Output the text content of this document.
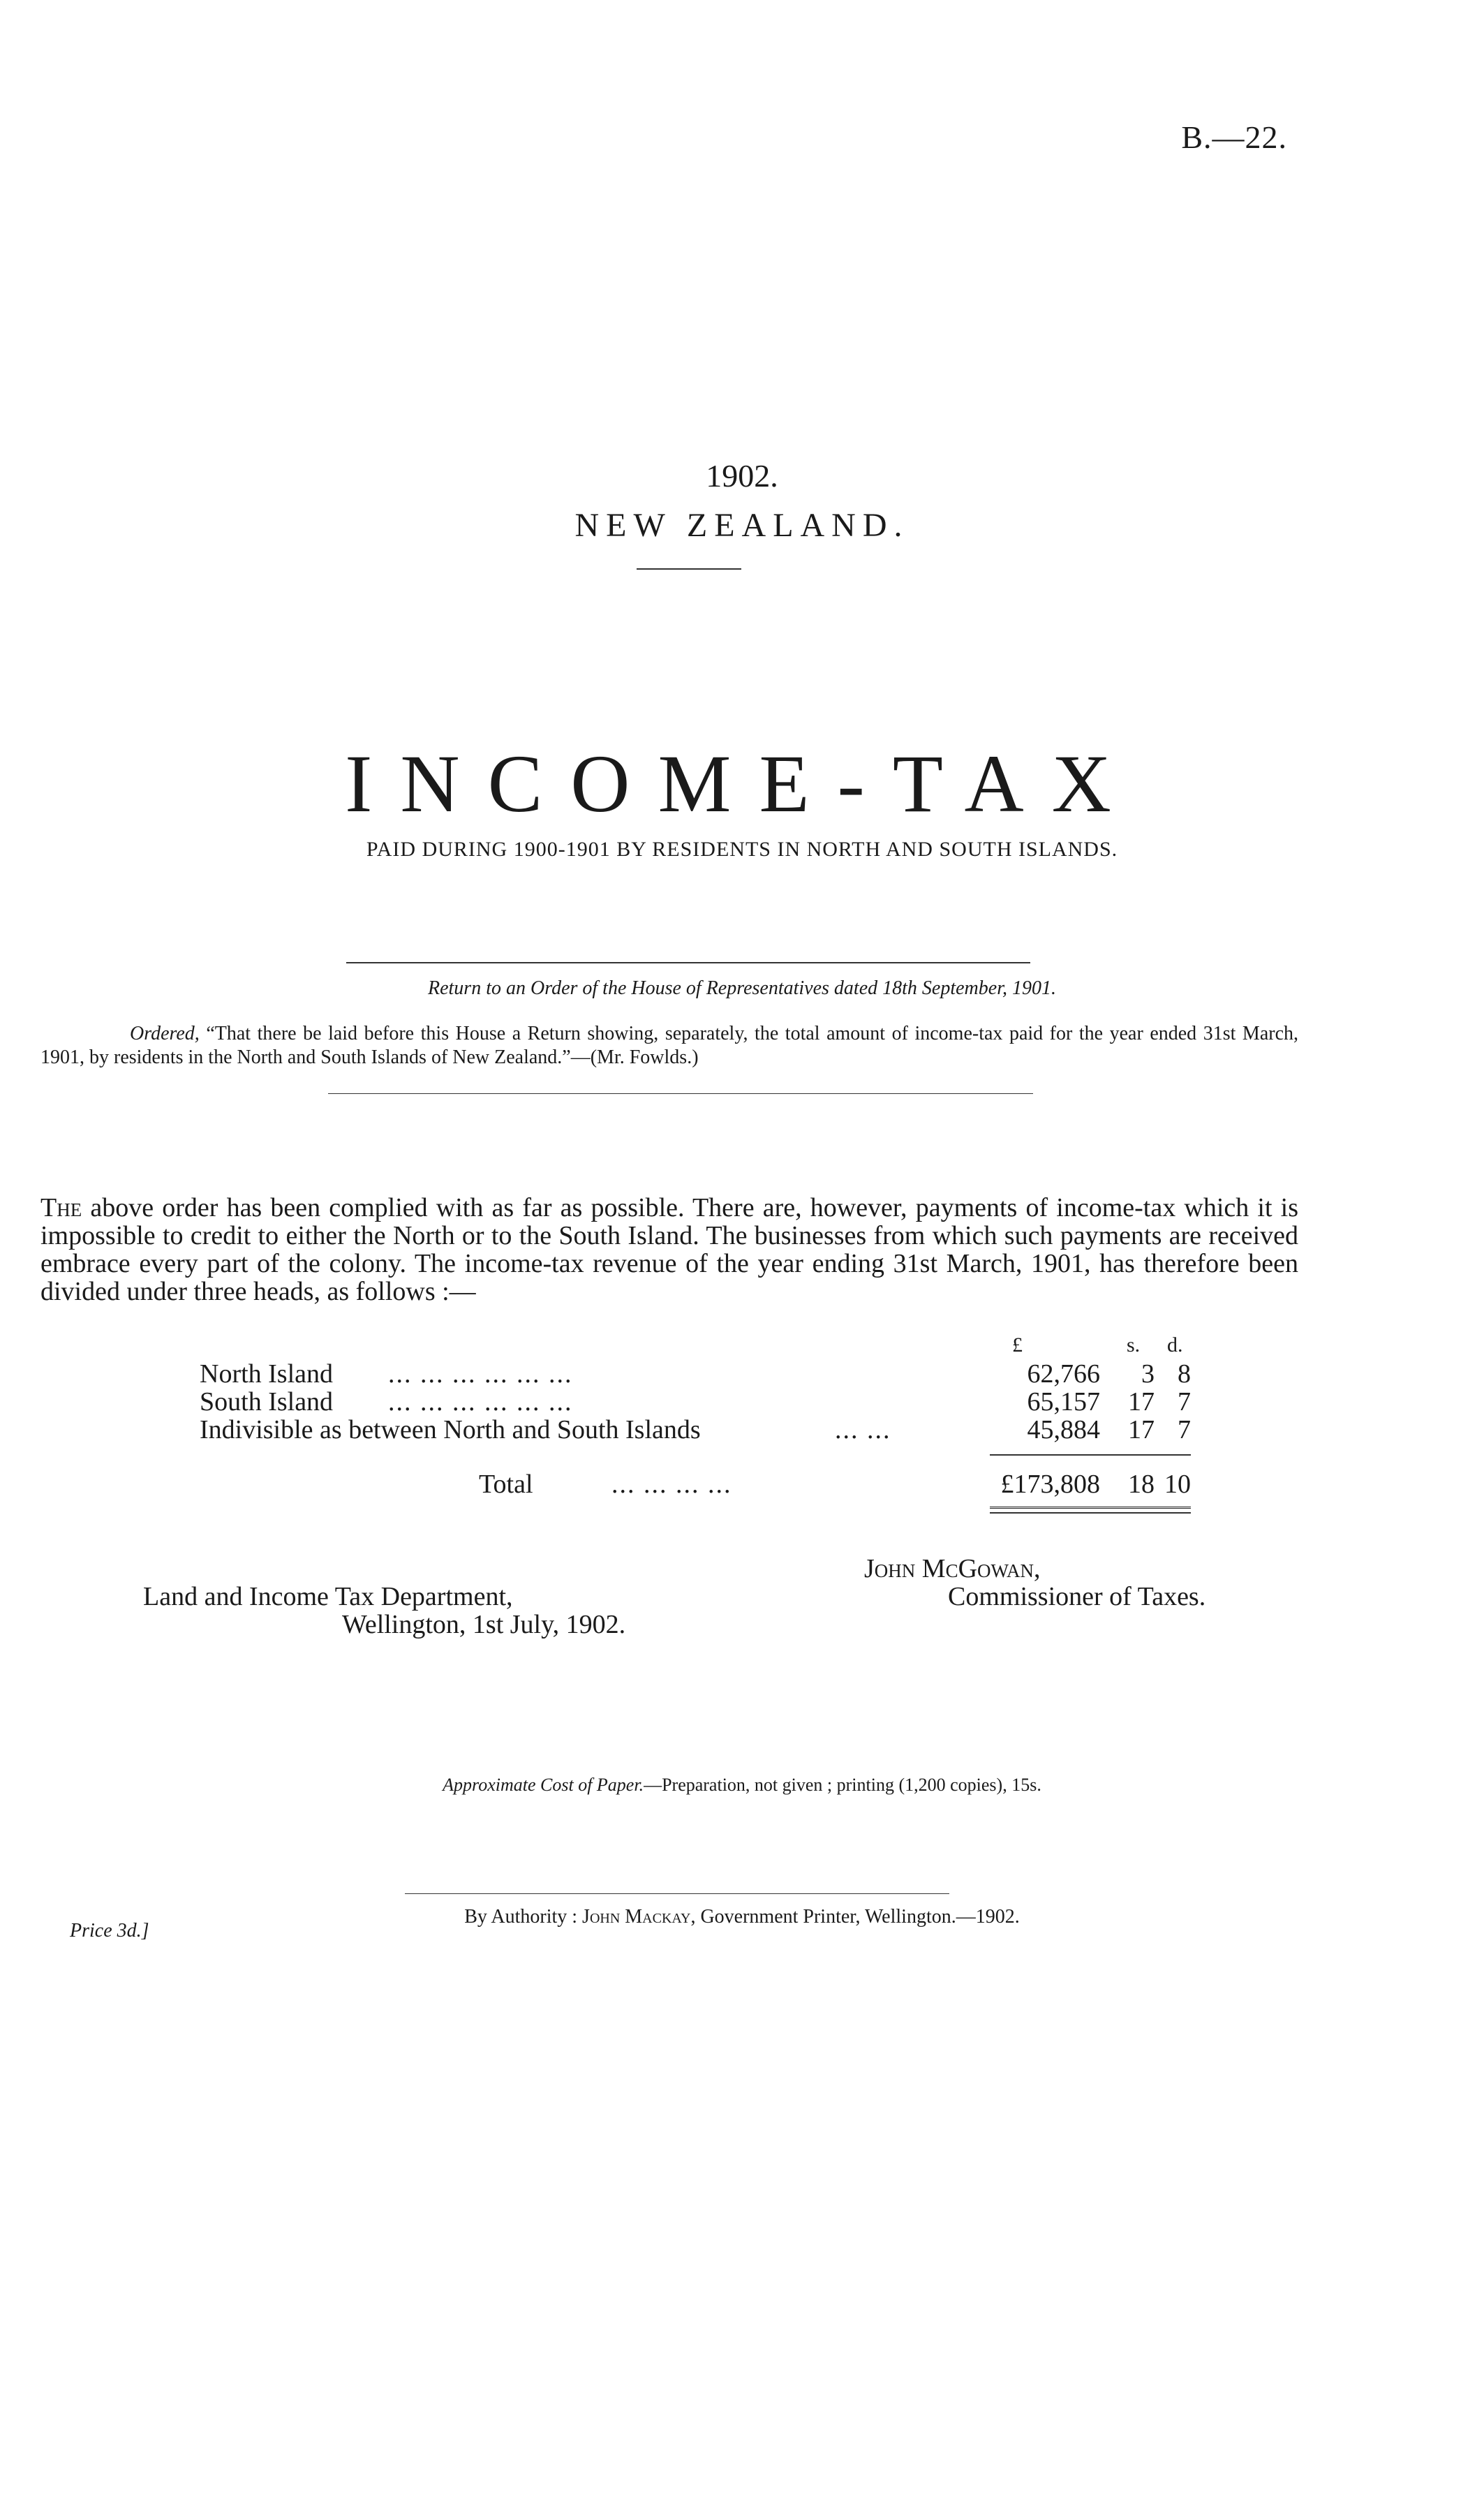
B.—22.
1902.
NEW ZEALAND.
INCOME-TAX
PAID DURING 1900-1901 BY RESIDENTS IN NORTH AND SOUTH ISLANDS.
Return to an Order of the House of Representatives dated 18th September, 1901.
Ordered, “That there be laid before this House a Return showing, separately, the total amount of income-tax paid for the year ended 31st March, 1901, by residents in the North and South Islands of New Zealand.”—(Mr. Fowlds.)
The above order has been complied with as far as possible. There are, however, payments of income-tax which it is impossible to credit to either the North or to the South Island. The businesses from which such payments are received embrace every part of the colony. The income-tax revenue of the year ending 31st March, 1901, has therefore been divided under three heads, as follows :—
£	s. d.
North Island ... ... ... ... ... ...	62,766 3 8
South Island ... ... ... ... ... ...	65,157 17 7
Indivisible as between North and South Islands	... ...	45,884 17 7
Total	... ... ... ...	£173,808 18 10
John McGowan,
Commissioner of Taxes.
Land and Income Tax Department,
Wellington, 1st July, 1902.
Approximate Cost of Paper.—Preparation, not given ; printing (1,200 copies), 15s.
By Authority : John Mackay, Government Printer, Wellington.—1902.
Price 3d.]
